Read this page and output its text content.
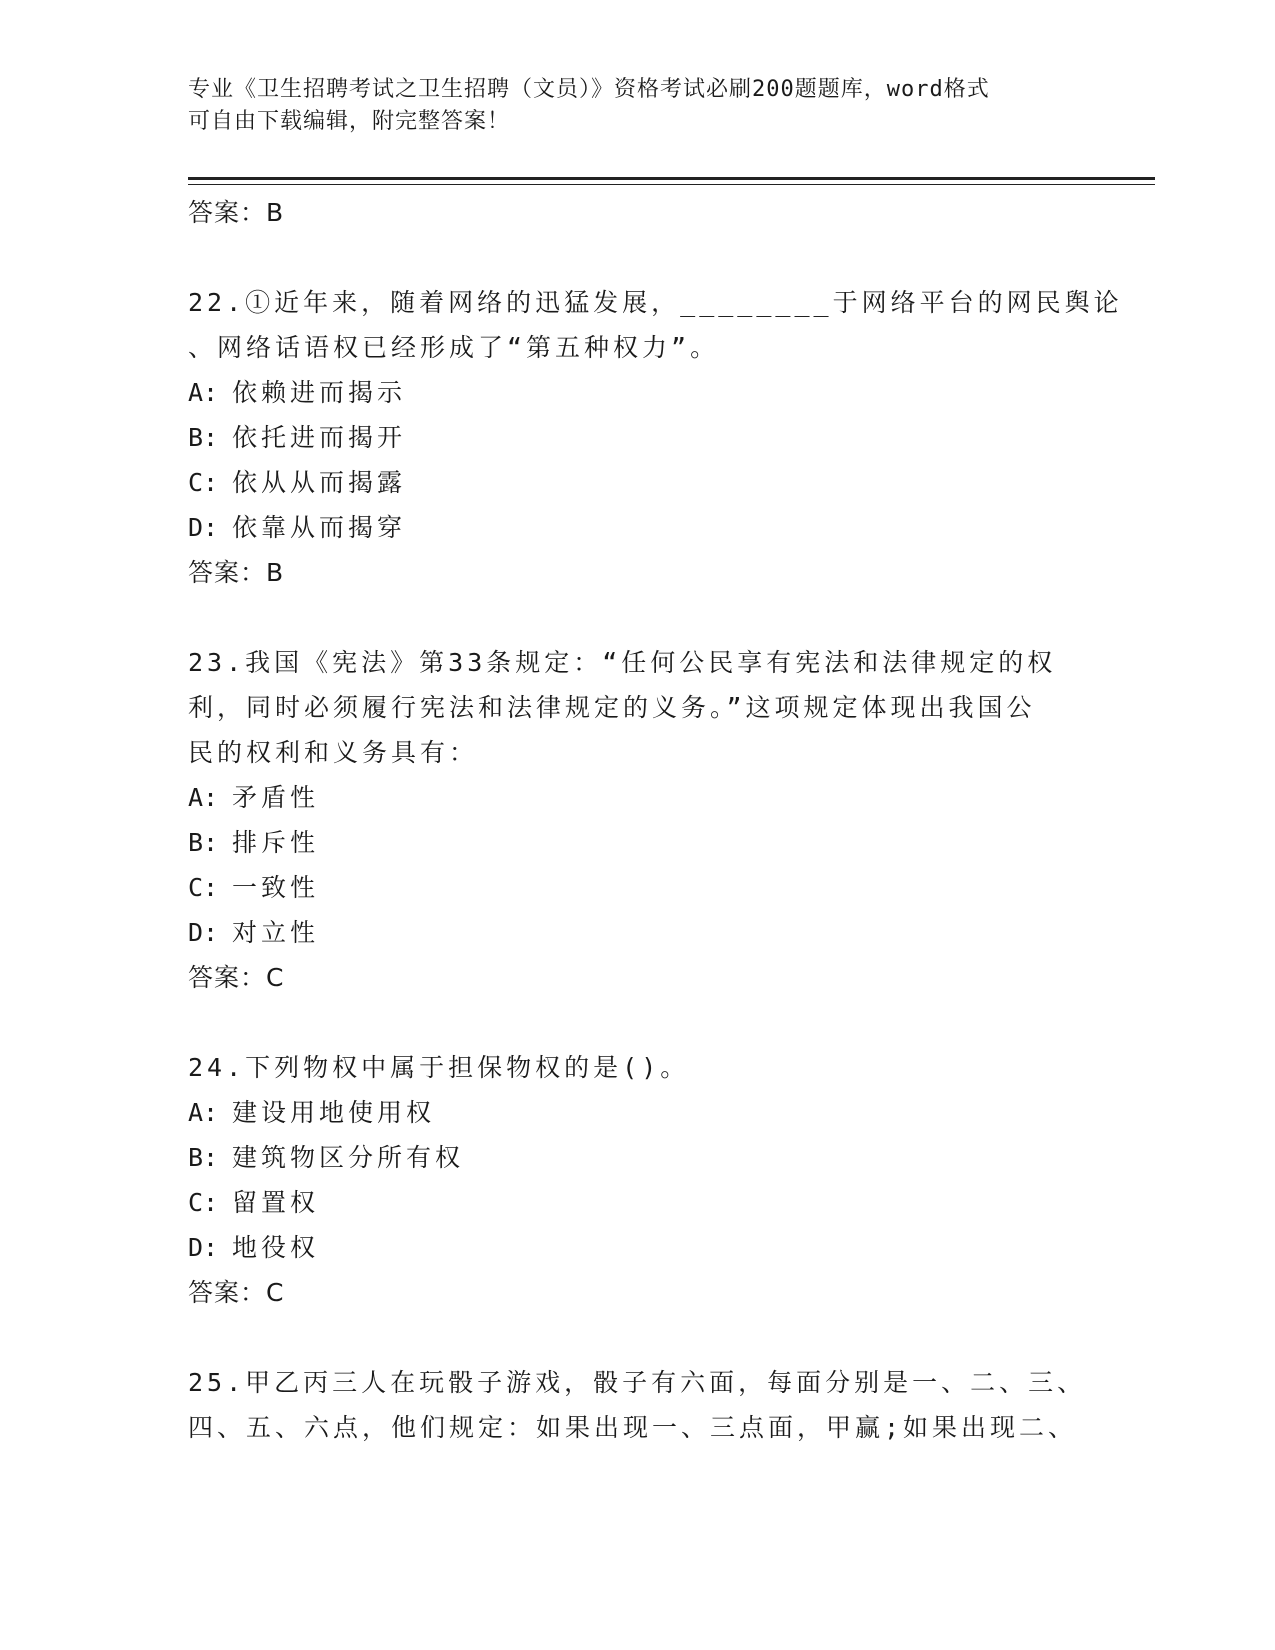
专业《卫生招聘考试之卫生招聘（文员）》资格考试必刷200题题库，word格式
可自由下载编辑，附完整答案！
答案：B
22.①近年来，随着网络的迅猛发展，________于网络平台的网民舆论
、网络话语权已经形成了“第五种权力”。
A: 依赖进而揭示
B: 依托进而揭开
C: 依从从而揭露
D: 依靠从而揭穿
答案：B
23.我国《宪法》第33条规定：“任何公民享有宪法和法律规定的权
利，同时必须履行宪法和法律规定的义务。”这项规定体现出我国公
民的权利和义务具有：
A: 矛盾性
B: 排斥性
C: 一致性
D: 对立性
答案：C
24.下列物权中属于担保物权的是()。
A: 建设用地使用权
B: 建筑物区分所有权
C: 留置权
D: 地役权
答案：C
25.甲乙丙三人在玩骰子游戏，骰子有六面，每面分别是一、二、三、
四、五、六点，他们规定：如果出现一、三点面，甲赢;如果出现二、
